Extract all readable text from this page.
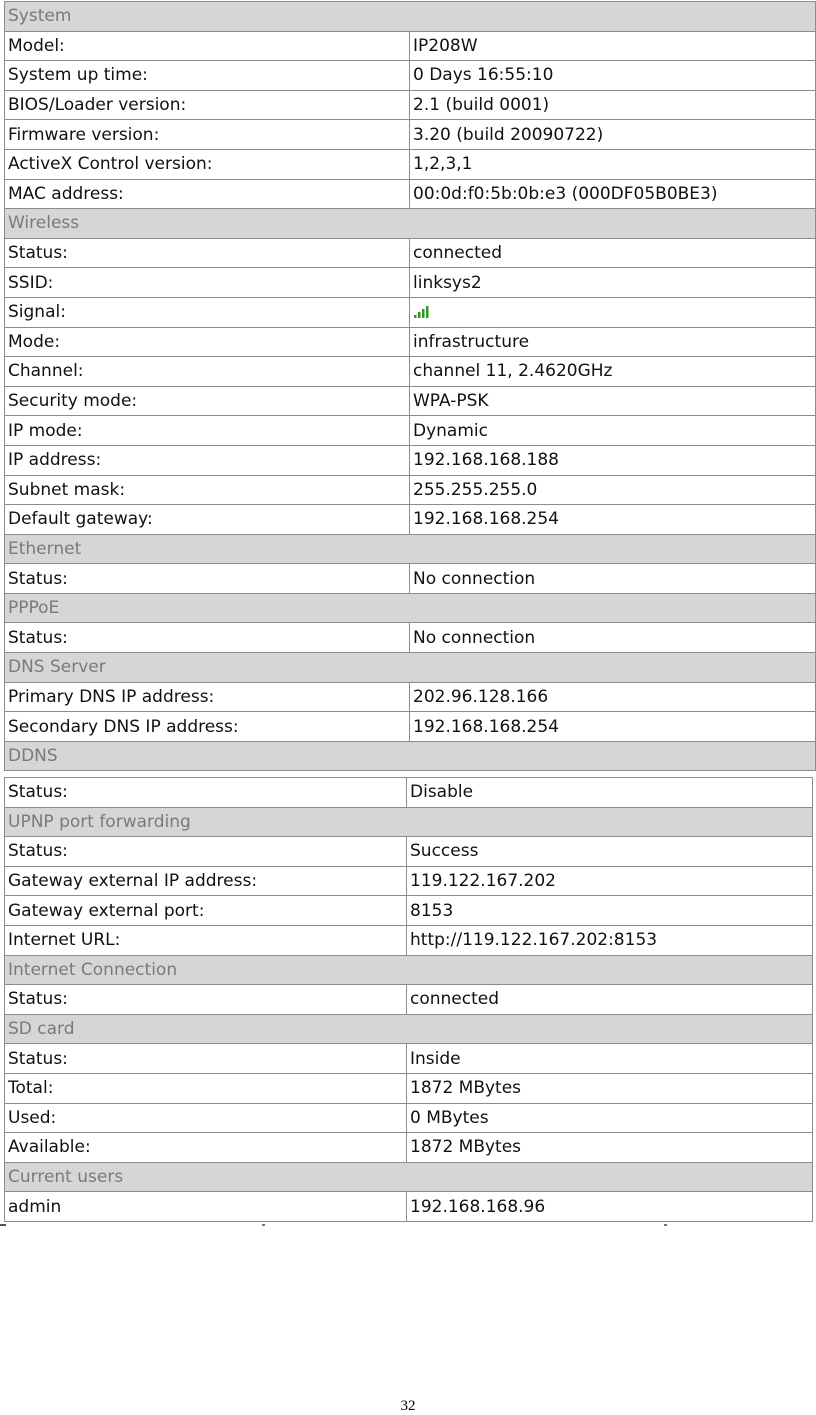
System	
Model:	IP208W
System up time:	0 Days 16:55:10
BIOS/Loader version:	2.1 (build 0001)
Firmware version:	3.20 (build 20090722)
ActiveX Control version:	1,2,3,1
MAC address:	00:0d:f0:5b:0b:e3 (000DF05B0BE3)
Wireless	
Status:	connected
SSID:	linksys2
Signal:	
Mode:	infrastructure
Channel:	channel 11, 2.4620GHz
Security mode:	WPA-PSK
IP mode:	Dynamic
IP address:	192.168.168.188
Subnet mask:	255.255.255.0
Default gateway:	192.168.168.254
Ethernet	
Status:	No connection
PPPoE	
Status:	No connection
DNS Server	
Primary DNS IP address:	202.96.128.166
Secondary DNS IP address:	192.168.168.254
DDNS	
Status:	Disable
UPNP port forwarding	
Status:	Success
Gateway external IP address:	119.122.167.202
Gateway external port:	8153
Internet URL:	http://119.122.167.202:8153
Internet Connection	
Status:	connected
SD card	
Status:	Inside
Total:	1872 MBytes
Used:	0 MBytes
Available:	1872 MBytes
Current users	
admin	192.168.168.96
32
